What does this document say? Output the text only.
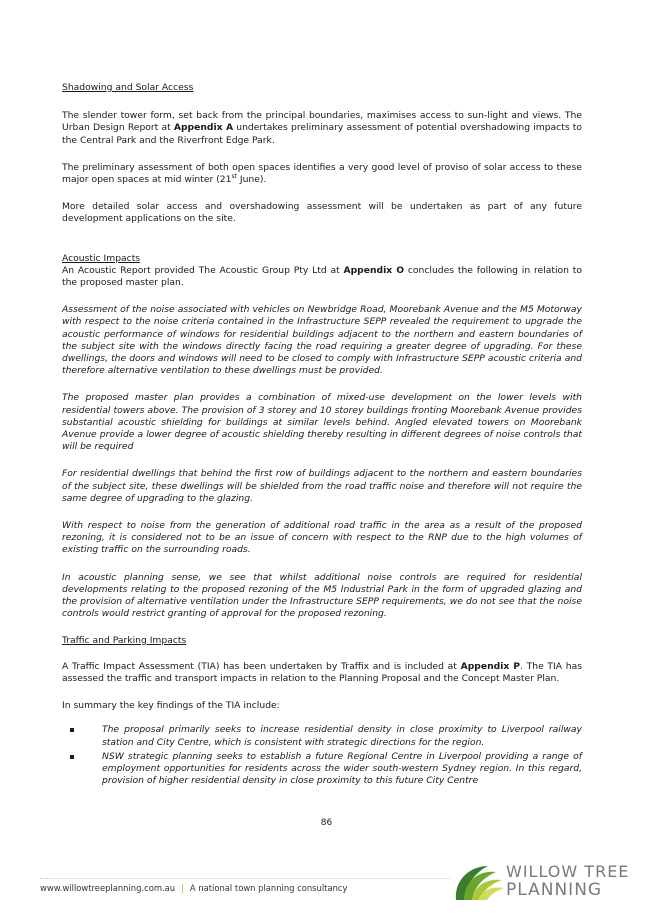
Shadowing and Solar Access

The slender tower form, set back from the principal boundaries, maximises access to sun-light and views. The Urban Design Report at Appendix A undertakes preliminary assessment of potential overshadowing impacts to the Central Park and the Riverfront Edge Park.

The preliminary assessment of both open spaces identifies a very good level of proviso of solar access to these major open spaces at mid winter (21st June).

More detailed solar access and overshadowing assessment will be undertaken as part of any future development applications on the site.

Acoustic Impacts

An Acoustic Report provided The Acoustic Group Pty Ltd at Appendix O concludes the following in relation to the proposed master plan.

Assessment of the noise associated with vehicles on Newbridge Road, Moorebank Avenue and the M5 Motorway with respect to the noise criteria contained in the Infrastructure SEPP revealed the requirement to upgrade the acoustic performance of windows for residential buildings adjacent to the northern and eastern boundaries of the subject site with the windows directly facing the road requiring a greater degree of upgrading. For these dwellings, the doors and windows will need to be closed to comply with Infrastructure SEPP acoustic criteria and therefore alternative ventilation to these dwellings must be provided.

The proposed master plan provides a combination of mixed-use development on the lower levels with residential towers above. The provision of 3 storey and 10 storey buildings fronting Moorebank Avenue provides substantial acoustic shielding for buildings at similar levels behind. Angled elevated towers on Moorebank Avenue provide a lower degree of acoustic shielding thereby resulting in different degrees of noise controls that will be required

For residential dwellings that behind the first row of buildings adjacent to the northern and eastern boundaries of the subject site, these dwellings will be shielded from the road traffic noise and therefore will not require the same degree of upgrading to the glazing.

With respect to noise from the generation of additional road traffic in the area as a result of the proposed rezoning, it is considered not to be an issue of concern with respect to the RNP due to the high volumes of existing traffic on the surrounding roads.

In acoustic planning sense, we see that whilst additional noise controls are required for residential developments relating to the proposed rezoning of the M5 Industrial Park in the form of upgraded glazing and the provision of alternative ventilation under the Infrastructure SEPP requirements, we do not see that the noise controls would restrict granting of approval for the proposed rezoning.

Traffic and Parking Impacts

A Traffic Impact Assessment (TIA) has been undertaken by Traffix and is included at Appendix P. The TIA has assessed the traffic and transport impacts in relation to the Planning Proposal and the Concept Master Plan.

In summary the key findings of the TIA include:

The proposal primarily seeks to increase residential density in close proximity to Liverpool railway station and City Centre, which is consistent with strategic directions for the region.
NSW strategic planning seeks to establish a future Regional Centre in Liverpool providing a range of employment opportunities for residents across the wider south-western Sydney region. In this regard, provision of higher residential density in close proximity to this future City Centre
86
www.willowtreeplanning.com.au | A national town planning consultancy
WILLOW TREE
PLANNING
